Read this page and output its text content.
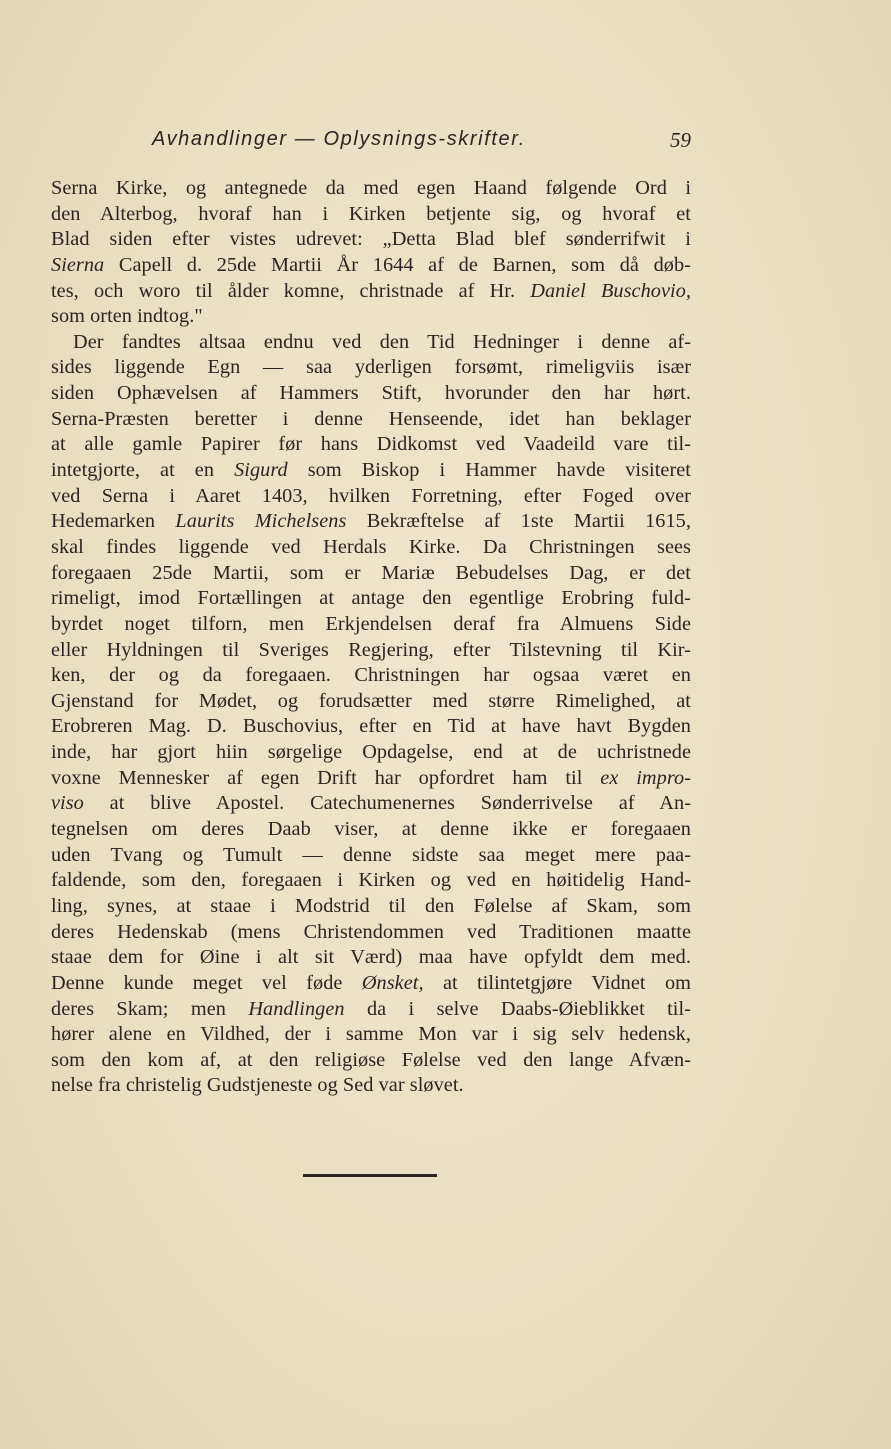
Avhandlinger — Oplysnings-skrifter.	59
Serna Kirke, og antegnede da med egen Haand følgende Ord i
den Alterbog, hvoraf han i Kirken betjente sig, og hvoraf et
Blad siden efter vistes udrevet: „Detta Blad blef sønderrifwit i
Sierna Capell d. 25de Martii År 1644 af de Barnen, som då døb-
tes, och woro til ålder komne, christnade af Hr. Daniel Buschovio,
som orten indtog."
Der fandtes altsaa endnu ved den Tid Hedninger i denne af-
sides liggende Egn — saa yderligen forsømt, rimeligviis især
siden Ophævelsen af Hammers Stift, hvorunder den har hørt.
Serna-Præsten beretter i denne Henseende, idet han beklager
at alle gamle Papirer før hans Didkomst ved Vaadeild vare til-
intetgjorte, at en Sigurd som Biskop i Hammer havde visiteret
ved Serna i Aaret 1403, hvilken Forretning, efter Foged over
Hedemarken Laurits Michelsens Bekræftelse af 1ste Martii 1615,
skal findes liggende ved Herdals Kirke. Da Christningen sees
foregaaen 25de Martii, som er Mariæ Bebudelses Dag, er det
rimeligt, imod Fortællingen at antage den egentlige Erobring fuld-
byrdet noget tilforn, men Erkjendelsen deraf fra Almuens Side
eller Hyldningen til Sveriges Regjering, efter Tilstevning til Kir-
ken, der og da foregaaen. Christningen har ogsaa været en
Gjenstand for Mødet, og forudsætter med større Rimelighed, at
Erobreren Mag. D. Buschovius, efter en Tid at have havt Bygden
inde, har gjort hiin sørgelige Opdagelse, end at de uchristnede
voxne Mennesker af egen Drift har opfordret ham til ex impro-
viso at blive Apostel. Catechumenernes Sønderrivelse af An-
tegnelsen om deres Daab viser, at denne ikke er foregaaen
uden Tvang og Tumult — denne sidste saa meget mere paa-
faldende, som den, foregaaen i Kirken og ved en høitidelig Hand-
ling, synes, at staae i Modstrid til den Følelse af Skam, som
deres Hedenskab (mens Christendommen ved Traditionen maatte
staae dem for Øine i alt sit Værd) maa have opfyldt dem med.
Denne kunde meget vel føde Ønsket, at tilintetgjøre Vidnet om
deres Skam; men Handlingen da i selve Daabs-Øieblikket til-
hører alene en Vildhed, der i samme Mon var i sig selv hedensk,
som den kom af, at den religiøse Følelse ved den lange Afvæn-
nelse fra christelig Gudstjeneste og Sed var sløvet.
